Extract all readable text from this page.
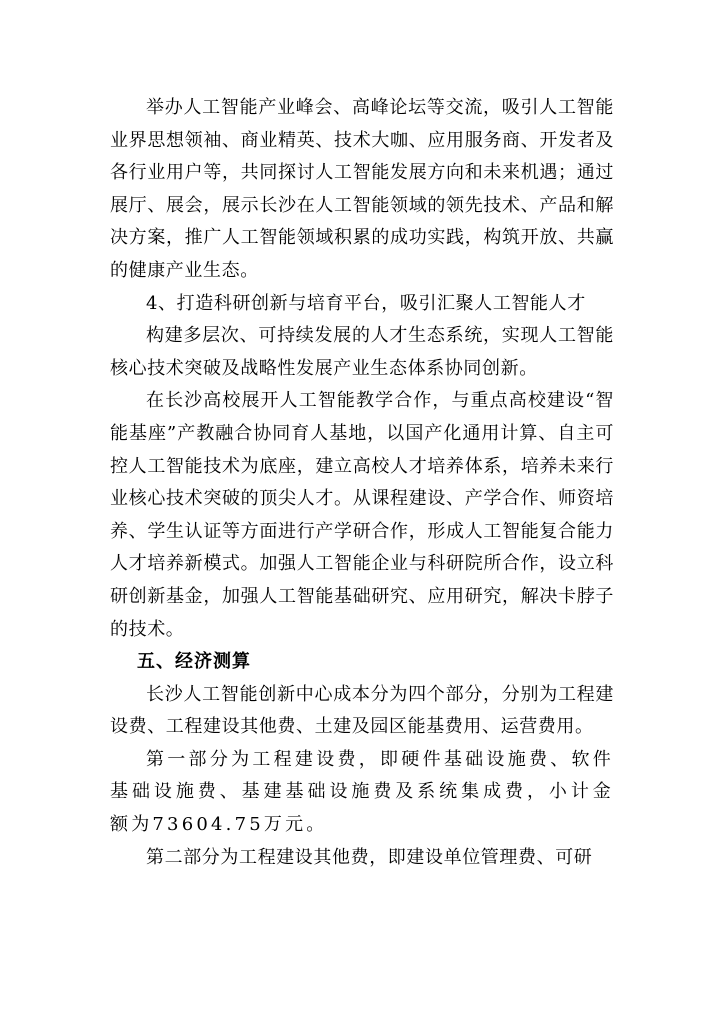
举办人工智能产业峰会、高峰论坛等交流，吸引人工智能业界思想领袖、商业精英、技术大咖、应用服务商、开发者及各行业用户等，共同探讨人工智能发展方向和未来机遇；通过展厅、展会，展示长沙在人工智能领域的领先技术、产品和解决方案，推广人工智能领域积累的成功实践，构筑开放、共赢的健康产业生态。

4、打造科研创新与培育平台，吸引汇聚人工智能人才

构建多层次、可持续发展的人才生态系统，实现人工智能核心技术突破及战略性发展产业生态体系协同创新。

在长沙高校展开人工智能教学合作，与重点高校建设“智能基座”产教融合协同育人基地，以国产化通用计算、自主可控人工智能技术为底座，建立高校人才培养体系，培养未来行业核心技术突破的顶尖人才。从课程建设、产学合作、师资培养、学生认证等方面进行产学研合作，形成人工智能复合能力人才培养新模式。加强人工智能企业与科研院所合作，设立科研创新基金，加强人工智能基础研究、应用研究，解决卡脖子的技术。

五、经济测算

长沙人工智能创新中心成本分为四个部分，分别为工程建设费、工程建设其他费、土建及园区能基费用、运营费用。

第一部分为工程建设费，即硬件基础设施费、软件基础设施费、基建基础设施费及系统集成费，小计金额为73604.75万元。

第二部分为工程建设其他费，即建设单位管理费、可研
